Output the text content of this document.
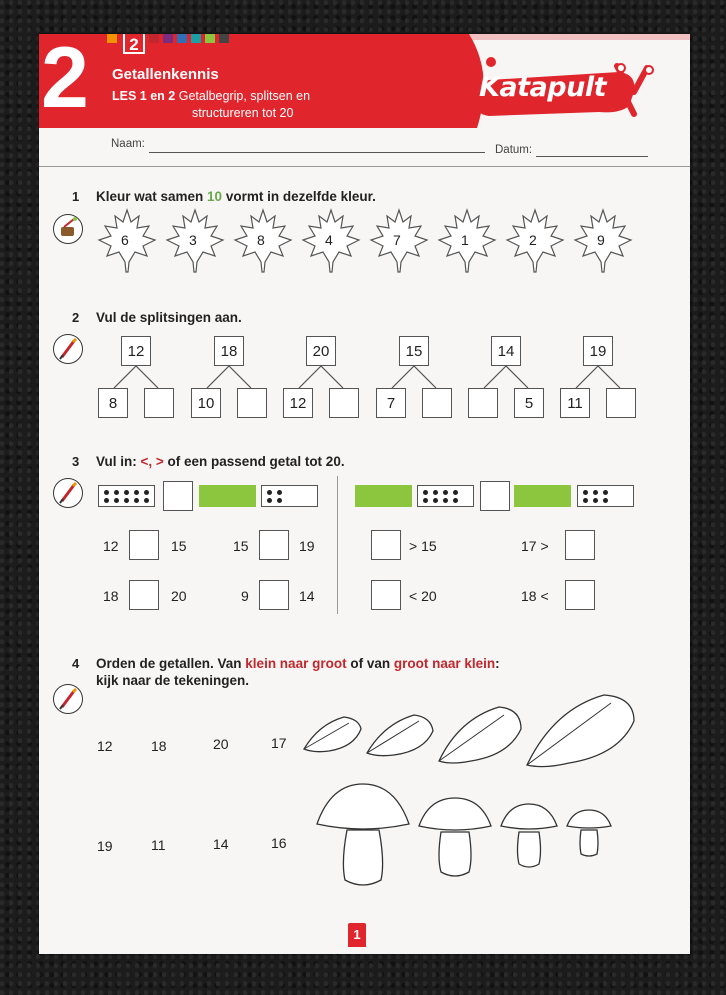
2	2
Getallenkennis
LES 1 en 2 Getalbegrip, splitsen en
structureren tot 20
Katapult
Naam:	Datum:
1 Kleur wat samen 10 vormt in dezelfde kleur.
6	3	8	4	7	1	2	9
2 Vul de splitsingen aan.
12
8
18
10
20
12
15
7
14
5
19
11
3 Vul in: <, > of een passend getal tot 20.
12	15	15	19
18	20	9	14
> 15	17 >
< 20	18 <
4 Orden de getallen. Van klein naar groot of van groot naar klein:
kijk naar de tekeningen.
12	18	20	17
19	11	14	16
1
